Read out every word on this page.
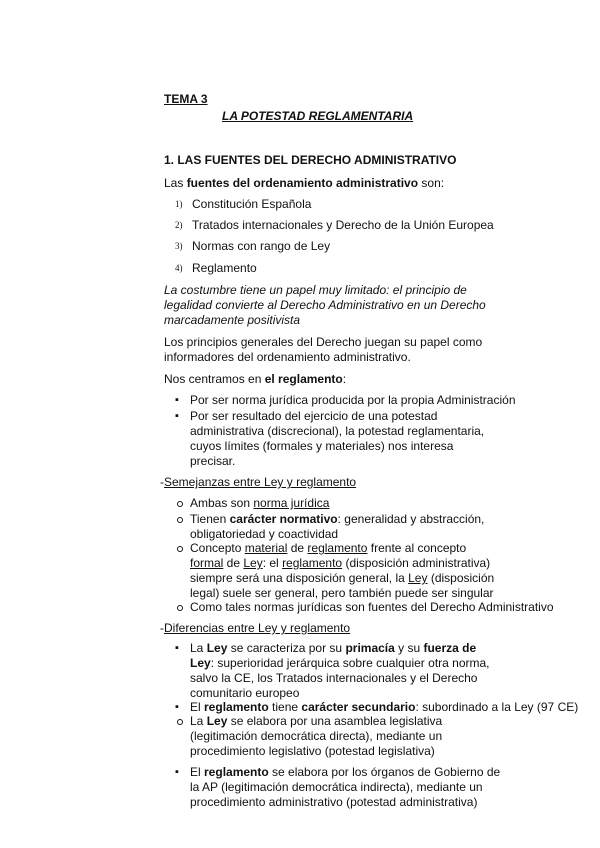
TEMA 3
LA POTESTAD REGLAMENTARIA
1. LAS FUENTES DEL DERECHO ADMINISTRATIVO
Las fuentes del ordenamiento administrativo son:
1) Constitución Española
2) Tratados internacionales y Derecho de la Unión Europea
3) Normas con rango de Ley
4) Reglamento
La costumbre tiene un papel muy limitado: el principio de
legalidad convierte al Derecho Administrativo en un Derecho
marcadamente positivista
Los principios generales del Derecho juegan su papel como
informadores del ordenamiento administrativo.
Nos centramos en el reglamento:
▪ Por ser norma jurídica producida por la propia Administración
▪ Por ser resultado del ejercicio de una potestad
administrativa (discrecional), la potestad reglamentaria,
cuyos límites (formales y materiales) nos interesa
precisar.
-Semejanzas entre Ley y reglamento
Ambas son norma jurídica
Tienen carácter normativo: generalidad y abstracción,
obligatoriedad y coactividad
Concepto material de reglamento frente al concepto
formal de Ley: el reglamento (disposición administrativa)
siempre será una disposición general, la Ley (disposición
legal) suele ser general, pero también puede ser singular
Como tales normas jurídicas son fuentes del Derecho Administrativo
-Diferencias entre Ley y reglamento
▪ La Ley se caracteriza por su primacía y su fuerza de
Ley: superioridad jerárquica sobre cualquier otra norma,
salvo la CE, los Tratados internacionales y el Derecho
comunitario europeo
▪ El reglamento tiene carácter secundario: subordinado a la Ley (97 CE)
La Ley se elabora por una asamblea legislativa
(legitimación democrática directa), mediante un
procedimiento legislativo (potestad legislativa)
▪ El reglamento se elabora por los órganos de Gobierno de
la AP (legitimación democrática indirecta), mediante un
procedimiento administrativo (potestad administrativa)
